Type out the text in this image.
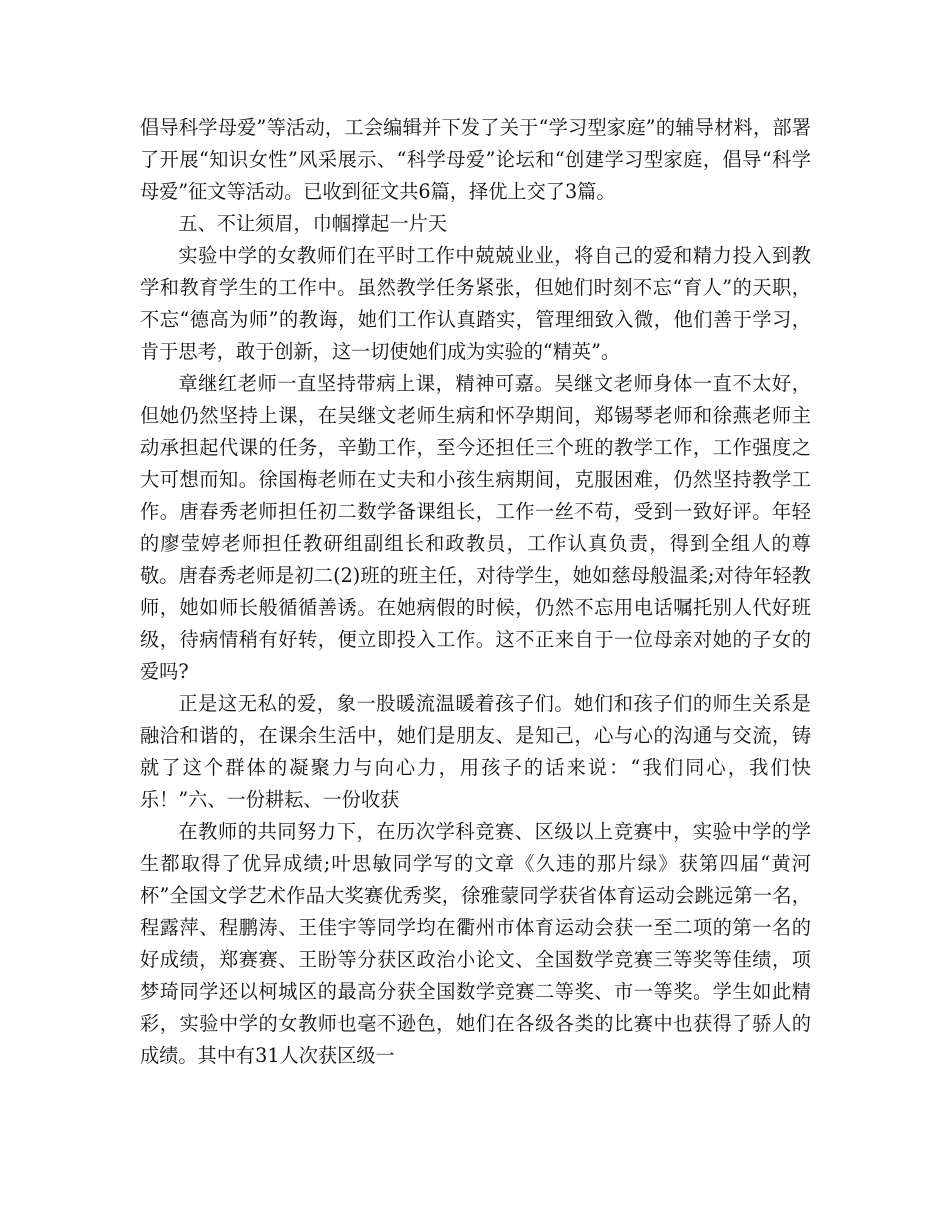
倡导科学母爱”等活动，工会编辑并下发了关于“学习型家庭”的辅导材料，部署了开展“知识女性”风采展示、“科学母爱”论坛和“创建学习型家庭，倡导“科学母爱”征文等活动。已收到征文共6篇，择优上交了3篇。

五、不让须眉，巾帼撑起一片天

实验中学的女教师们在平时工作中兢兢业业，将自己的爱和精力投入到教学和教育学生的工作中。虽然教学任务紧张，但她们时刻不忘“育人”的天职，不忘“德高为师”的教诲，她们工作认真踏实，管理细致入微，他们善于学习，肯于思考，敢于创新，这一切使她们成为实验的“精英”。

章继红老师一直坚持带病上课，精神可嘉。吴继文老师身体一直不太好，但她仍然坚持上课，在吴继文老师生病和怀孕期间，郑锡琴老师和徐燕老师主动承担起代课的任务，辛勤工作，至今还担任三个班的教学工作，工作强度之大可想而知。徐国梅老师在丈夫和小孩生病期间，克服困难，仍然坚持教学工作。唐春秀老师担任初二数学备课组长，工作一丝不苟，受到一致好评。年轻的廖莹婷老师担任教研组副组长和政教员，工作认真负责，得到全组人的尊敬。唐春秀老师是初二(2)班的班主任，对待学生，她如慈母般温柔;对待年轻教师，她如师长般循循善诱。在她病假的时候，仍然不忘用电话嘱托别人代好班级，待病情稍有好转，便立即投入工作。这不正来自于一位母亲对她的子女的爱吗?

正是这无私的爱，象一股暖流温暖着孩子们。她们和孩子们的师生关系是融洽和谐的，在课余生活中，她们是朋友、是知己，心与心的沟通与交流，铸就了这个群体的凝聚力与向心力，用孩子的话来说：“我们同心，我们快乐！”六、一份耕耘、一份收获

在教师的共同努力下，在历次学科竞赛、区级以上竞赛中，实验中学的学生都取得了优异成绩;叶思敏同学写的文章《久违的那片绿》获第四届“黄河杯”全国文学艺术作品大奖赛优秀奖，徐雅蒙同学获省体育运动会跳远第一名，程露萍、程鹏涛、王佳宇等同学均在衢州市体育运动会获一至二项的第一名的好成绩，郑赛赛、王盼等分获区政治小论文、全国数学竞赛三等奖等佳绩，项梦琦同学还以柯城区的最高分获全国数学竞赛二等奖、市一等奖。学生如此精彩，实验中学的女教师也毫不逊色，她们在各级各类的比赛中也获得了骄人的成绩。其中有31人次获区级一
